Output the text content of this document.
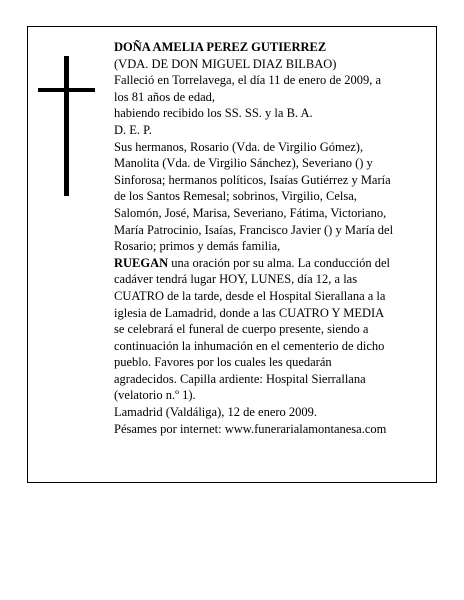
DOÑA AMELIA PEREZ GUTIERREZ
(VDA. DE DON MIGUEL DIAZ BILBAO)
Falleció en Torrelavega, el día 11 de enero de 2009, a
los 81 años de edad,
habiendo recibido los SS. SS. y la B. A.
D. E. P.
Sus hermanos, Rosario (Vda. de Virgilio Gómez),
Manolita (Vda. de Virgilio Sánchez), Severiano () y
Sinforosa; hermanos políticos, Isaías Gutiérrez y María
de los Santos Remesal; sobrinos, Virgilio, Celsa,
Salomón, José, Marisa, Severiano, Fátima, Victoriano,
María Patrocinio, Isaías, Francisco Javier () y María del
Rosario; primos y demás familia,
RUEGAN una oración por su alma. La conducción del
cadáver tendrá lugar HOY, LUNES, día 12, a las
CUATRO de la tarde, desde el Hospital Sierallana a la
iglesia de Lamadrid, donde a las CUATRO Y MEDIA
se celebrará el funeral de cuerpo presente, siendo a
continuación la inhumación en el cementerio de dicho
pueblo. Favores por los cuales les quedarán
agradecidos. Capilla ardiente: Hospital Sierrallana
(velatorio n.º 1).
Lamadrid (Valdáliga), 12 de enero 2009.
Pésames por internet: www.funerarialamontanesa.com
